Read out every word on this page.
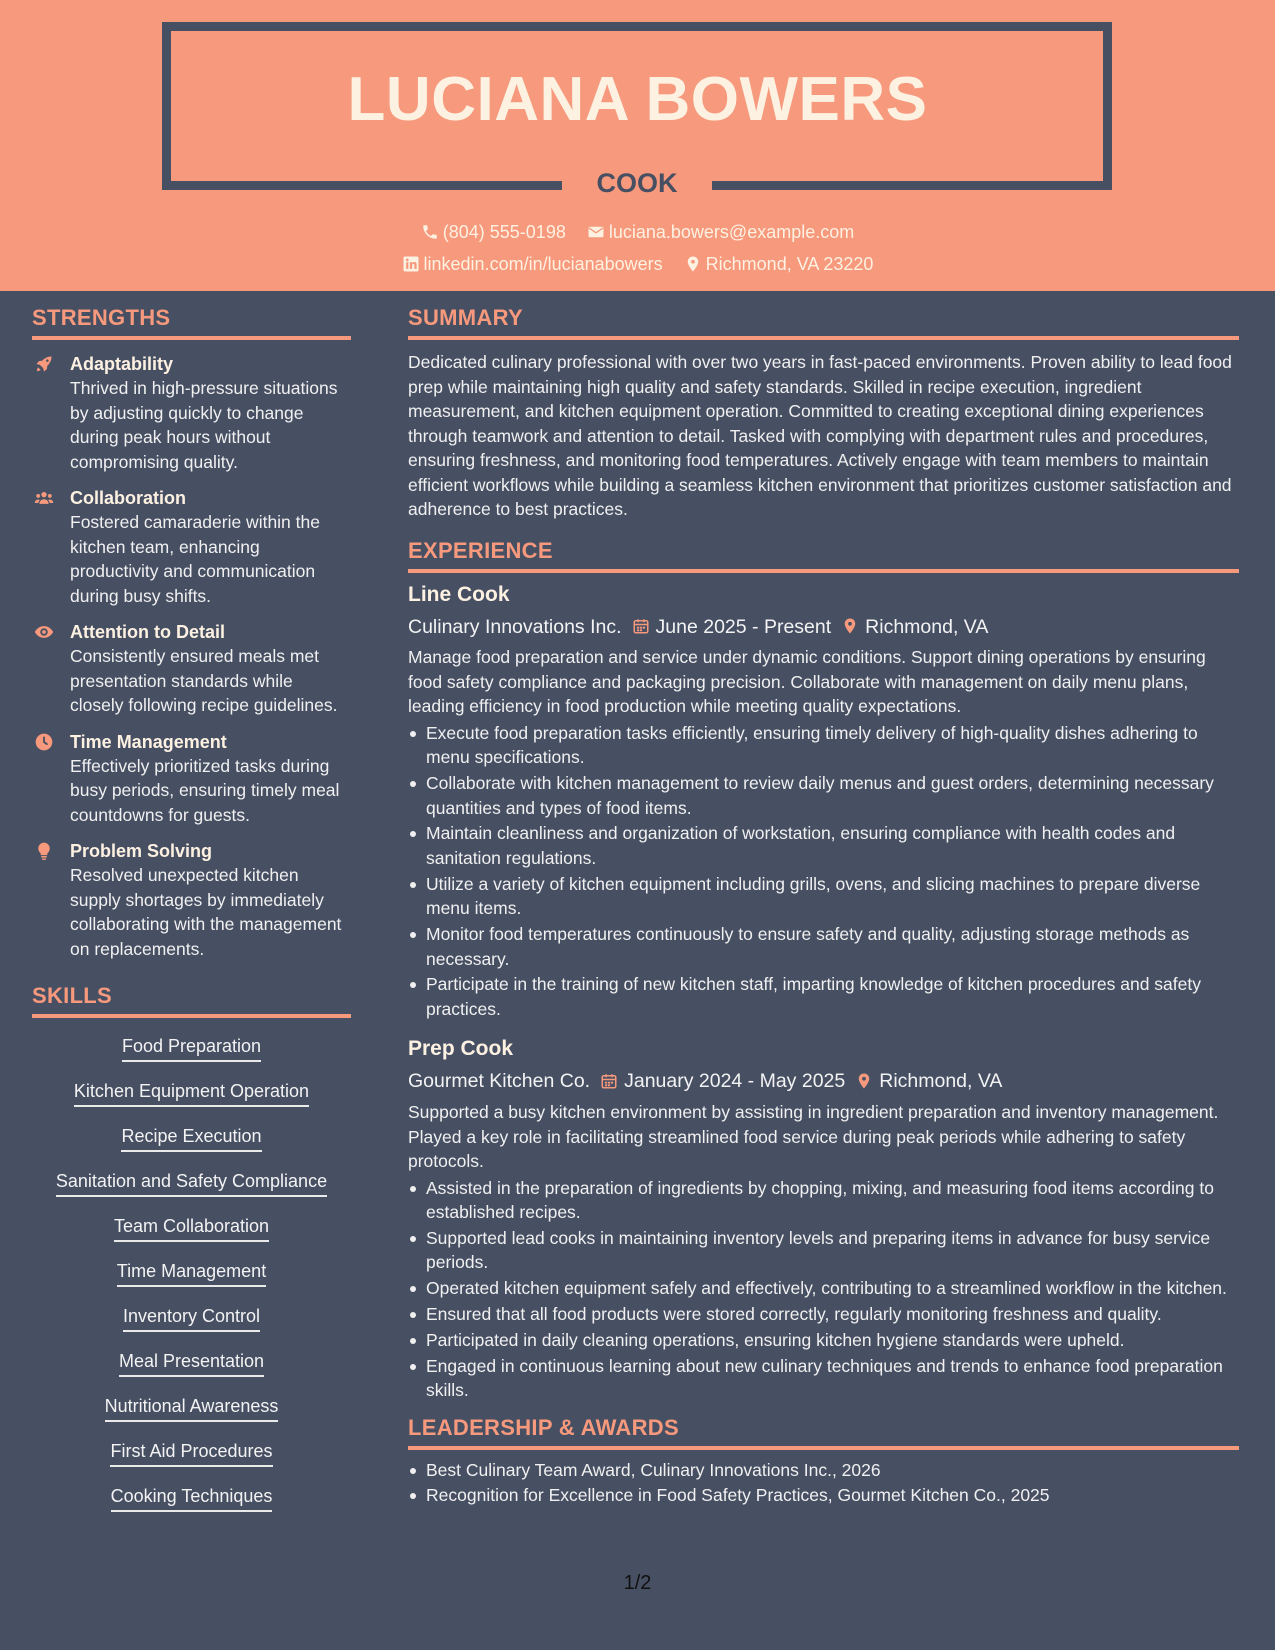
LUCIANA BOWERS
COOK
(804) 555-0198 luciana.bowers@example.com
linkedin.com/in/lucianabowers Richmond, VA 23220
STRENGTHS
Adaptability
Thrived in high-pressure situations by adjusting quickly to change during peak hours without compromising quality.
Collaboration
Fostered camaraderie within the kitchen team, enhancing productivity and communication during busy shifts.
Attention to Detail
Consistently ensured meals met presentation standards while closely following recipe guidelines.
Time Management
Effectively prioritized tasks during busy periods, ensuring timely meal countdowns for guests.
Problem Solving
Resolved unexpected kitchen supply shortages by immediately collaborating with the management on replacements.
SKILLS
Food Preparation
Kitchen Equipment Operation
Recipe Execution
Sanitation and Safety Compliance
Team Collaboration
Time Management
Inventory Control
Meal Presentation
Nutritional Awareness
First Aid Procedures
Cooking Techniques
SUMMARY
Dedicated culinary professional with over two years in fast-paced environments. Proven ability to lead food prep while maintaining high quality and safety standards. Skilled in recipe execution, ingredient measurement, and kitchen equipment operation. Committed to creating exceptional dining experiences through teamwork and attention to detail. Tasked with complying with department rules and procedures, ensuring freshness, and monitoring food temperatures. Actively engage with team members to maintain efficient workflows while building a seamless kitchen environment that prioritizes customer satisfaction and adherence to best practices.
EXPERIENCE
Line Cook
Culinary Innovations Inc. June 2025 - Present Richmond, VA
Manage food preparation and service under dynamic conditions. Support dining operations by ensuring food safety compliance and packaging precision. Collaborate with management on daily menu plans, leading efficiency in food production while meeting quality expectations.
Execute food preparation tasks efficiently, ensuring timely delivery of high-quality dishes adhering to menu specifications.
Collaborate with kitchen management to review daily menus and guest orders, determining necessary quantities and types of food items.
Maintain cleanliness and organization of workstation, ensuring compliance with health codes and sanitation regulations.
Utilize a variety of kitchen equipment including grills, ovens, and slicing machines to prepare diverse menu items.
Monitor food temperatures continuously to ensure safety and quality, adjusting storage methods as necessary.
Participate in the training of new kitchen staff, imparting knowledge of kitchen procedures and safety practices.
Prep Cook
Gourmet Kitchen Co. January 2024 - May 2025 Richmond, VA
Supported a busy kitchen environment by assisting in ingredient preparation and inventory management. Played a key role in facilitating streamlined food service during peak periods while adhering to safety protocols.
Assisted in the preparation of ingredients by chopping, mixing, and measuring food items according to established recipes.
Supported lead cooks in maintaining inventory levels and preparing items in advance for busy service periods.
Operated kitchen equipment safely and effectively, contributing to a streamlined workflow in the kitchen.
Ensured that all food products were stored correctly, regularly monitoring freshness and quality.
Participated in daily cleaning operations, ensuring kitchen hygiene standards were upheld.
Engaged in continuous learning about new culinary techniques and trends to enhance food preparation skills.
LEADERSHIP & AWARDS
Best Culinary Team Award, Culinary Innovations Inc., 2026
Recognition for Excellence in Food Safety Practices, Gourmet Kitchen Co., 2025
1/2
